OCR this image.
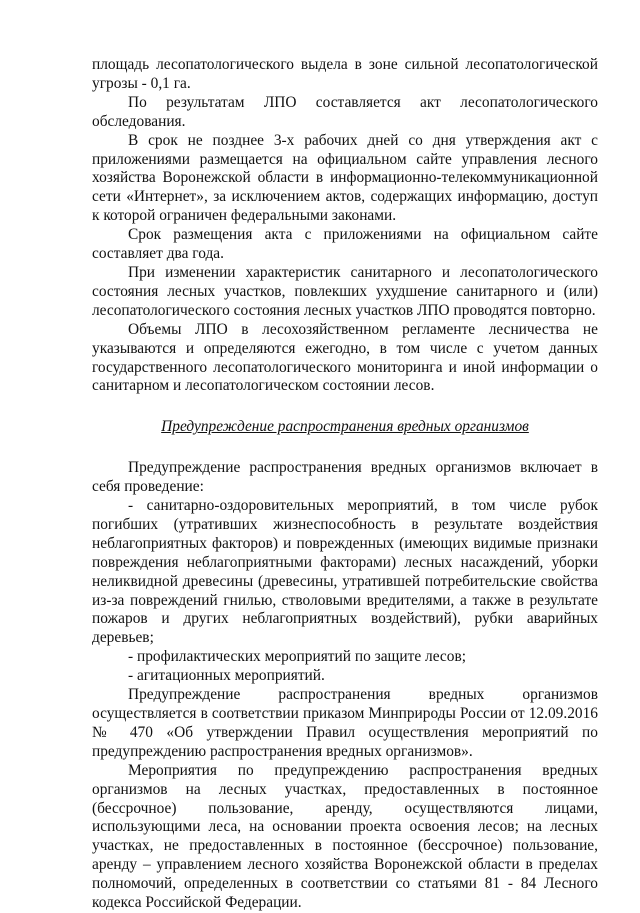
площадь лесопатологического выдела в зоне сильной лесопатологической угрозы - 0,1 га.

По результатам ЛПО составляется акт лесопатологического обследования.

В срок не позднее 3-х рабочих дней со дня утверждения акт с приложениями размещается на официальном сайте управления лесного хозяйства Воронежской области в информационно-телекоммуникационной сети «Интернет», за исключением актов, содержащих информацию, доступ к которой ограничен федеральными законами.

Срок размещения акта с приложениями на официальном сайте составляет два года.

При изменении характеристик санитарного и лесопатологического состояния лесных участков, повлекших ухудшение санитарного и (или) лесопатологического состояния лесных участков ЛПО проводятся повторно.

Объемы ЛПО в лесохозяйственном регламенте лесничества не указываются и определяются ежегодно, в том числе с учетом данных государственного лесопатологического мониторинга и иной информации о санитарном и лесопатологическом состоянии лесов.

Предупреждение распространения вредных организмов

Предупреждение распространения вредных организмов включает в себя проведение:

- санитарно-оздоровительных мероприятий, в том числе рубок погибших (утративших жизнеспособность в результате воздействия неблагоприятных факторов) и поврежденных (имеющих видимые признаки повреждения неблагоприятными факторами) лесных насаждений, уборки неликвидной древесины (древесины, утратившей потребительские свойства из-за повреждений гнилью, стволовыми вредителями, а также в результате пожаров и других неблагоприятных воздействий), рубки аварийных деревьев;

- профилактических мероприятий по защите лесов;

- агитационных мероприятий.

Предупреждение распространения вредных организмов осуществляется в соответствии приказом Минприроды России от 12.09.2016 № 470 «Об утверждении Правил осуществления мероприятий по предупреждению распространения вредных организмов».

Мероприятия по предупреждению распространения вредных организмов на лесных участках, предоставленных в постоянное (бессрочное) пользование, аренду, осуществляются лицами, использующими леса, на основании проекта освоения лесов; на лесных участках, не предоставленных в постоянное (бессрочное) пользование, аренду – управлением лесного хозяйства Воронежской области в пределах полномочий, определенных в соответствии со статьями 81 - 84 Лесного кодекса Российской Федерации.
